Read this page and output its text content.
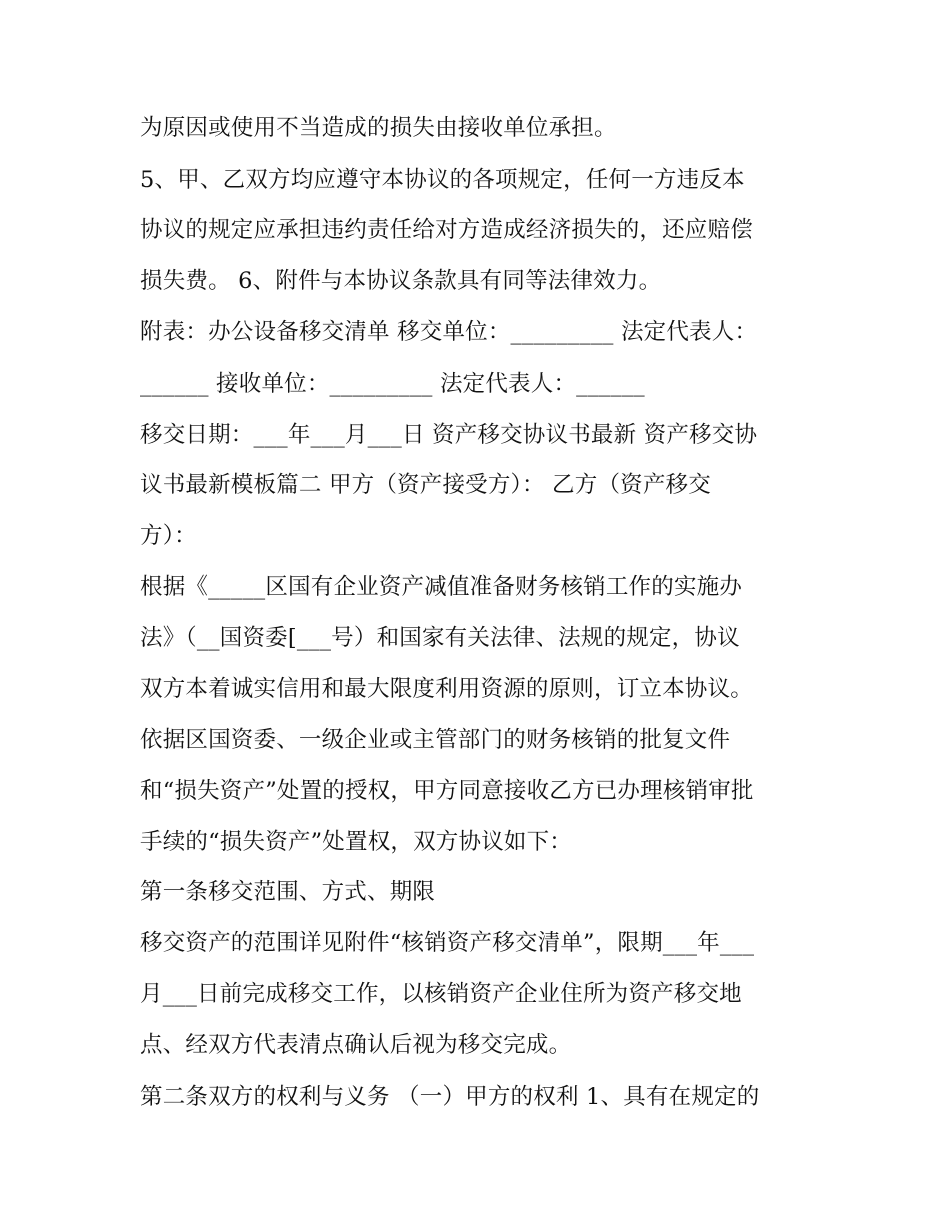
为原因或使用不当造成的损失由接收单位承担。

5、甲、乙双方均应遵守本协议的各项规定，任何一方违反本

协议的规定应承担违约责任给对方造成经济损失的，还应赔偿

损失费。 6、附件与本协议条款具有同等法律效力。

附表：办公设备移交清单 移交单位：_________ 法定代表人：

______ 接收单位：_________ 法定代表人：______

移交日期：___年___月___日 资产移交协议书最新 资产移交协

议书最新模板篇二 甲方（资产接受方）： 乙方（资产移交

方）：

根据《_____区国有企业资产减值准备财务核销工作的实施办

法》（__国资委[___号）和国家有关法律、法规的规定，协议

双方本着诚实信用和最大限度利用资源的原则，订立本协议。

依据区国资委、一级企业或主管部门的财务核销的批复文件

和“损失资产”处置的授权，甲方同意接收乙方已办理核销审批

手续的“损失资产”处置权，双方协议如下：

第一条移交范围、方式、期限

移交资产的范围详见附件“核销资产移交清单”，限期___年___

月___日前完成移交工作，以核销资产企业住所为资产移交地

点、经双方代表清点确认后视为移交完成。

第二条双方的权利与义务 （一）甲方的权利 1、具有在规定的
